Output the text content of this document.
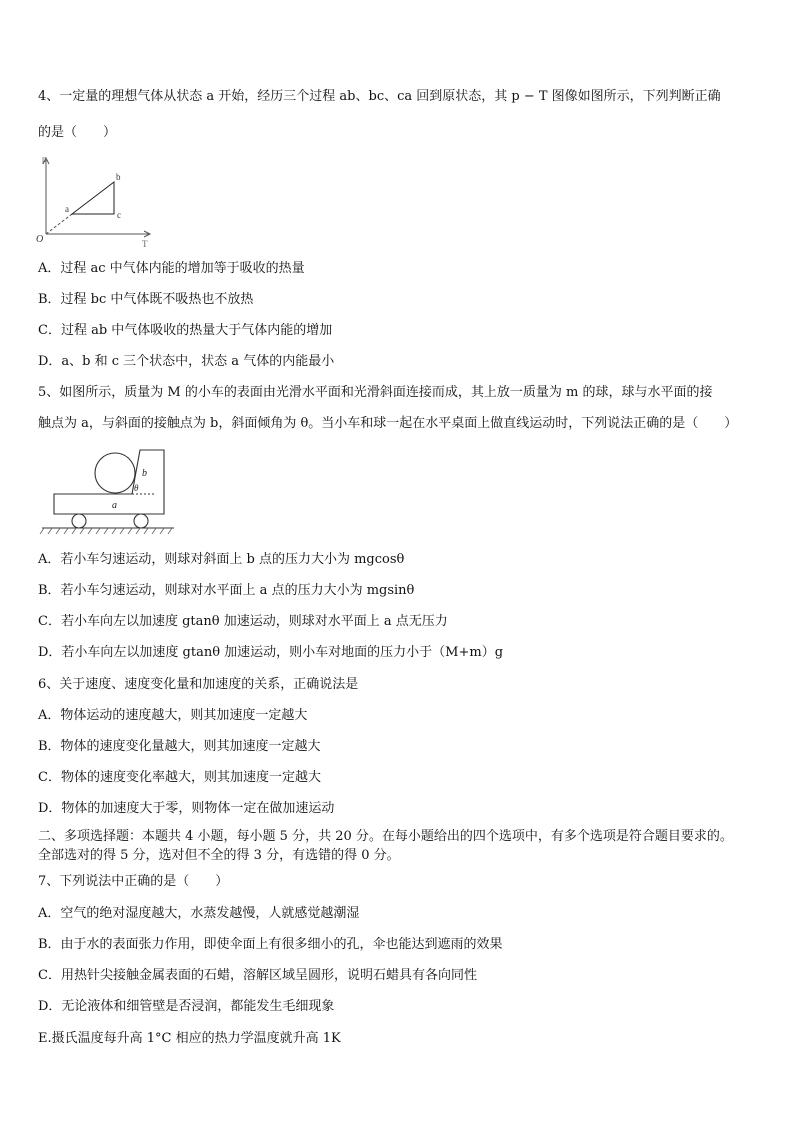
4、一定量的理想气体从状态 a 开始，经历三个过程 ab、bc、ca 回到原状态，其 p − T 图像如图所示，下列判断正确
的是（　　）
p
T
O
a
b
c
A．过程 ac 中气体内能的增加等于吸收的热量
B．过程 bc 中气体既不吸热也不放热
C．过程 ab 中气体吸收的热量大于气体内能的增加
D．a、b 和 c 三个状态中，状态 a 气体的内能最小
5、如图所示，质量为 M 的小车的表面由光滑水平面和光滑斜面连接而成，其上放一质量为 m 的球，球与水平面的接
触点为 a，与斜面的接触点为 b，斜面倾角为 θ。当小车和球一起在水平桌面上做直线运动时，下列说法正确的是（　　）
b
θ
a
A．若小车匀速运动，则球对斜面上 b 点的压力大小为 mgcosθ
B．若小车匀速运动，则球对水平面上 a 点的压力大小为 mgsinθ
C．若小车向左以加速度 gtanθ 加速运动，则球对水平面上 a 点无压力
D．若小车向左以加速度 gtanθ 加速运动，则小车对地面的压力小于（M+m）g
6、关于速度、速度变化量和加速度的关系，正确说法是
A．物体运动的速度越大，则其加速度一定越大
B．物体的速度变化量越大，则其加速度一定越大
C．物体的速度变化率越大，则其加速度一定越大
D．物体的加速度大于零，则物体一定在做加速运动
二、多项选择题：本题共 4 小题，每小题 5 分，共 20 分。在每小题给出的四个选项中，有多个选项是符合题目要求的。
全部选对的得 5 分，选对但不全的得 3 分，有选错的得 0 分。
7、下列说法中正确的是（　　）
A．空气的绝对湿度越大，水蒸发越慢，人就感觉越潮湿
B．由于水的表面张力作用，即使伞面上有很多细小的孔，伞也能达到遮雨的效果
C．用热针尖接触金属表面的石蜡，溶解区域呈圆形，说明石蜡具有各向同性
D．无论液体和细管壁是否浸润，都能发生毛细现象
E.摄氏温度每升高 1°C 相应的热力学温度就升高 1K
